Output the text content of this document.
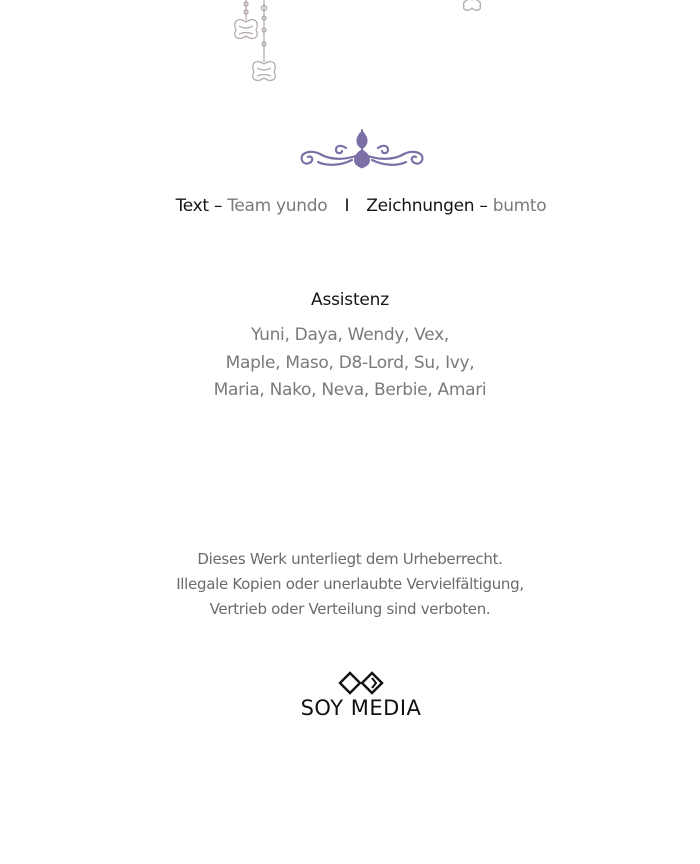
Text – Team yundo I Zeichnungen – bumto
Assistenz
Yuni, Daya, Wendy, Vex,
Maple, Maso, D8-Lord, Su, Ivy,
Maria, Nako, Neva, Berbie, Amari
Dieses Werk unterliegt dem Urheberrecht.
Illegale Kopien oder unerlaubte Vervielfältigung,
Vertrieb oder Verteilung sind verboten.
SOY MEDIA
